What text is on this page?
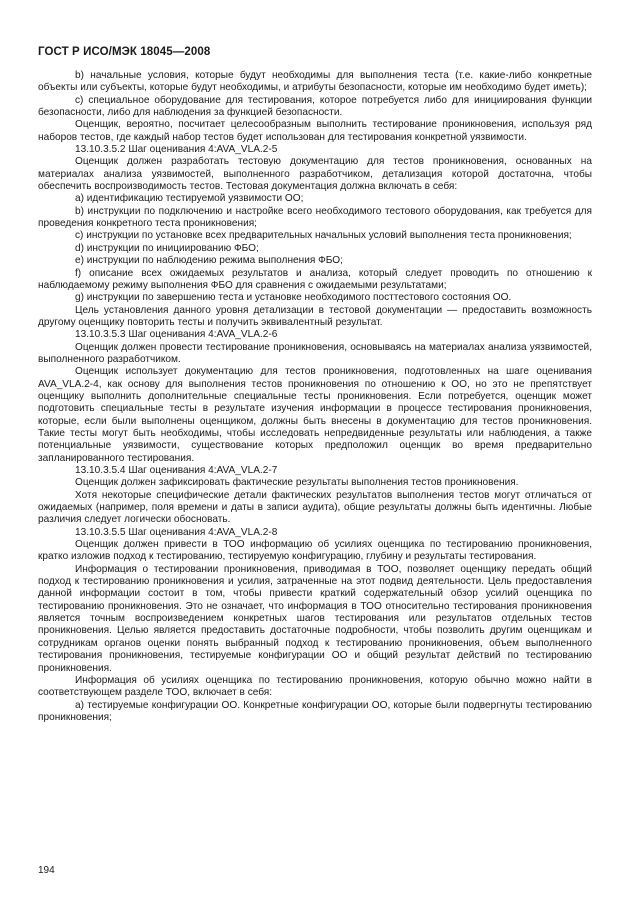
ГОСТ Р ИСО/МЭК 18045—2008

b) начальные условия, которые будут необходимы для выполнения теста (т.е. какие-либо конкретные объекты или субъекты, которые будут необходимы, и атрибуты безопасности, которые им необходимо будет иметь);

c) специальное оборудование для тестирования, которое потребуется либо для инициирования функции безопасности, либо для наблюдения за функцией безопасности.

Оценщик, вероятно, посчитает целесообразным выполнить тестирование проникновения, используя ряд наборов тестов, где каждый набор тестов будет использован для тестирования конкретной уязвимости.

13.10.3.5.2 Шаг оценивания 4:AVA_VLA.2-5

Оценщик должен разработать тестовую документацию для тестов проникновения, основанных на материалах анализа уязвимостей, выполненного разработчиком, детализация которой достаточна, чтобы обеспечить воспроизводимость тестов. Тестовая документация должна включать в себя:

a) идентификацию тестируемой уязвимости ОО;

b) инструкции по подключению и настройке всего необходимого тестового оборудования, как требуется для проведения конкретного теста проникновения;

c) инструкции по установке всех предварительных начальных условий выполнения теста проникновения;

d) инструкции по инициированию ФБО;

e) инструкции по наблюдению режима выполнения ФБО;

f) описание всех ожидаемых результатов и анализа, который следует проводить по отношению к наблюдаемому режиму выполнения ФБО для сравнения с ожидаемыми результатами;

g) инструкции по завершению теста и установке необходимого посттестового состояния ОО.

Цель установления данного уровня детализации в тестовой документации — предоставить возможность другому оценщику повторить тесты и получить эквивалентный результат.

13.10.3.5.3 Шаг оценивания 4:AVA_VLA.2-6

Оценщик должен провести тестирование проникновения, основываясь на материалах анализа уязвимостей, выполненного разработчиком.

Оценщик использует документацию для тестов проникновения, подготовленных на шаге оценивания AVA_VLA.2-4, как основу для выполнения тестов проникновения по отношению к ОО, но это не препятствует оценщику выполнить дополнительные специальные тесты проникновения. Если потребуется, оценщик может подготовить специальные тесты в результате изучения информации в процессе тестирования проникновения, которые, если были выполнены оценщиком, должны быть внесены в документацию для тестов проникновения. Такие тесты могут быть необходимы, чтобы исследовать непредвиденные результаты или наблюдения, а также потенциальные уязвимости, существование которых предположил оценщик во время предварительно запланированного тестирования.

13.10.3.5.4 Шаг оценивания 4:AVA_VLA.2-7

Оценщик должен зафиксировать фактические результаты выполнения тестов проникновения.

Хотя некоторые специфические детали фактических результатов выполнения тестов могут отличаться от ожидаемых (например, поля времени и даты в записи аудита), общие результаты должны быть идентичны. Любые различия следует логически обосновать.

13.10.3.5.5 Шаг оценивания 4:AVA_VLA.2-8

Оценщик должен привести в ТОО информацию об усилиях оценщика по тестированию проникновения, кратко изложив подход к тестированию, тестируемую конфигурацию, глубину и результаты тестирования.

Информация о тестировании проникновения, приводимая в ТОО, позволяет оценщику передать общий подход к тестированию проникновения и усилия, затраченные на этот подвид деятельности. Цель предоставления данной информации состоит в том, чтобы привести краткий содержательный обзор усилий оценщика по тестированию проникновения. Это не означает, что информация в ТОО относительно тестирования проникновения является точным воспроизведением конкретных шагов тестирования или результатов отдельных тестов проникновения. Целью является предоставить достаточные подробности, чтобы позволить другим оценщикам и сотрудникам органов оценки понять выбранный подход к тестированию проникновения, объем выполненного тестирования проникновения, тестируемые конфигурации ОО и общий результат действий по тестированию проникновения.

Информация об усилиях оценщика по тестированию проникновения, которую обычно можно найти в соответствующем разделе ТОО, включает в себя:

a) тестируемые конфигурации ОО. Конкретные конфигурации ОО, которые были подвергнуты тестированию проникновения;

194
